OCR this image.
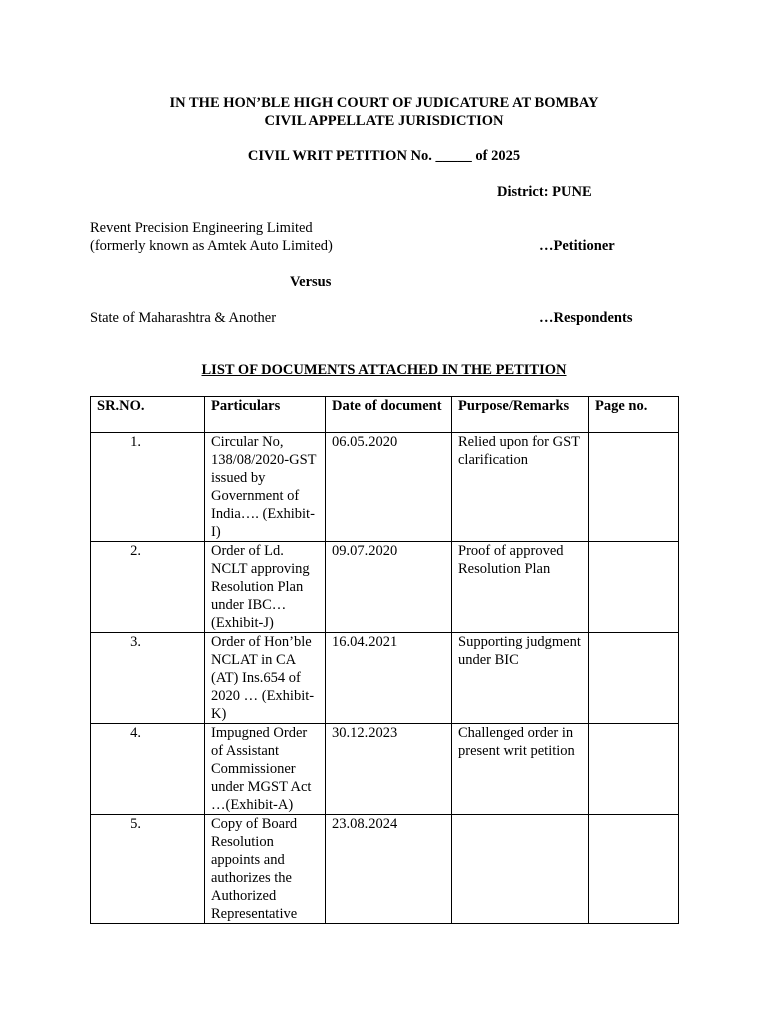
IN THE HON’BLE HIGH COURT OF JUDICATURE AT BOMBAY
CIVIL APPELLATE JURISDICTION
CIVIL WRIT PETITION No. _____ of 2025
District: PUNE
Revent Precision Engineering Limited
(formerly known as Amtek Auto Limited)	…Petitioner
Versus
State of Maharashtra & Another	…Respondents
LIST OF DOCUMENTS ATTACHED IN THE PETITION
SR.NO.	Particulars	Date of document	Purpose/Remarks	Page no.
1.	Circular No, 138/08/2020-GST issued by Government of India…. (Exhibit-I)	06.05.2020	Relied upon for GST clarification	
2.	Order of Ld. NCLT approving Resolution Plan under IBC… (Exhibit-J)	09.07.2020	Proof of approved Resolution Plan	
3.	Order of Hon’ble NCLAT in CA (AT) Ins.654 of 2020 … (Exhibit-K)	16.04.2021	Supporting judgment under BIC	
4.	Impugned Order of Assistant Commissioner under MGST Act …(Exhibit-A)	30.12.2023	Challenged order in present writ petition	
5.	Copy of Board Resolution appoints and authorizes the Authorized Representative	23.08.2024		
